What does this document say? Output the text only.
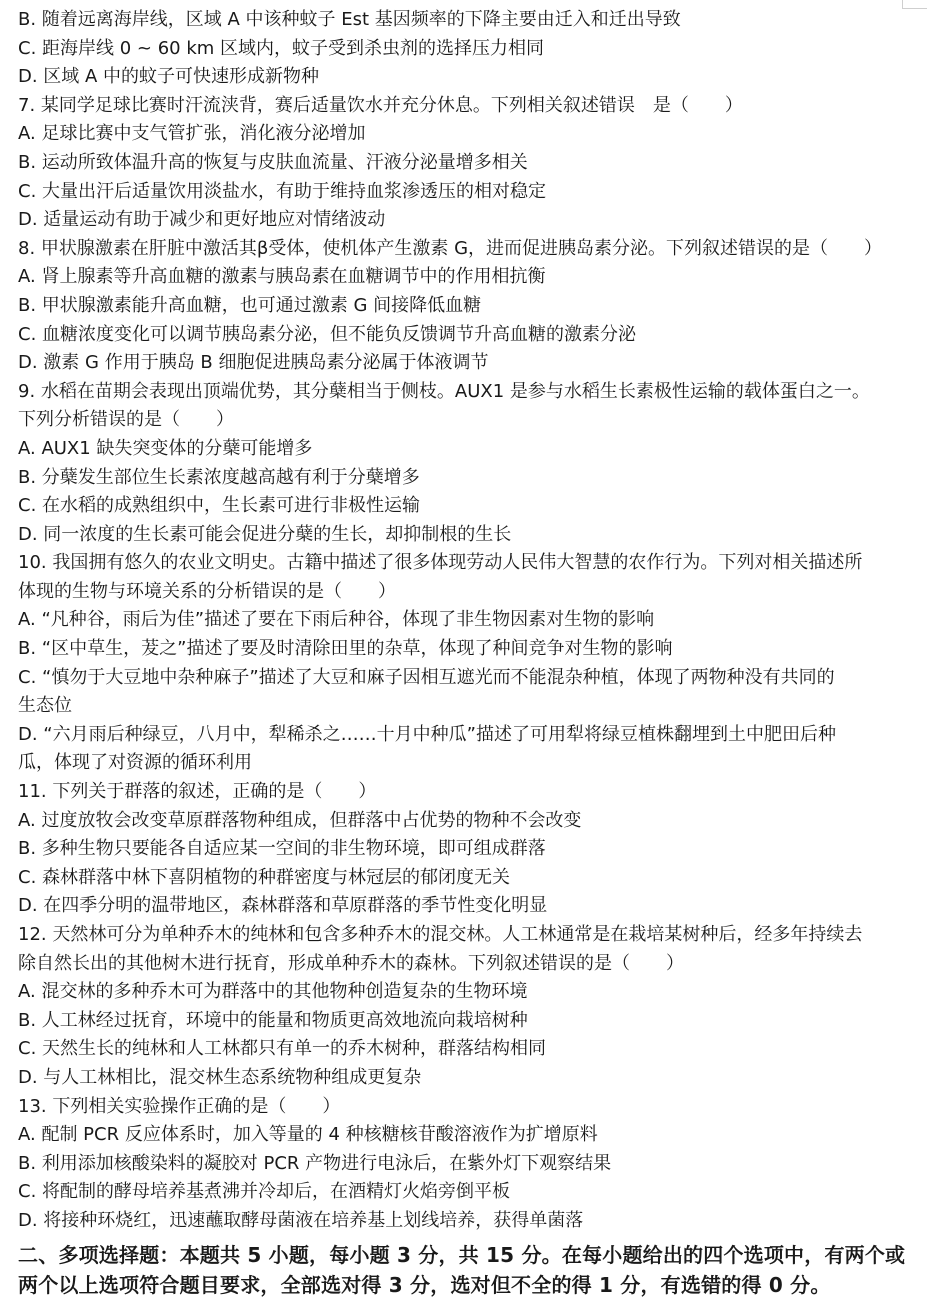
B. 随着远离海岸线，区域 A 中该种蚊子 Est 基因频率的下降主要由迁入和迁出导致
C. 距海岸线 0 ~ 60 km 区域内，蚊子受到杀虫剂的选择压力相同
D. 区域 A 中的蚊子可快速形成新物种
7. 某同学足球比赛时汗流浃背，赛后适量饮水并充分休息。下列相关叙述错误　是（　　）
A. 足球比赛中支气管扩张，消化液分泌增加
B. 运动所致体温升高的恢复与皮肤血流量、汗液分泌量增多相关
C. 大量出汗后适量饮用淡盐水，有助于维持血浆渗透压的相对稳定
D. 适量运动有助于减少和更好地应对情绪波动
8. 甲状腺激素在肝脏中激活其β受体，使机体产生激素 G，进而促进胰岛素分泌。下列叙述错误的是（　　）
A. 肾上腺素等升高血糖的激素与胰岛素在血糖调节中的作用相抗衡
B. 甲状腺激素能升高血糖，也可通过激素 G 间接降低血糖
C. 血糖浓度变化可以调节胰岛素分泌，但不能负反馈调节升高血糖的激素分泌
D. 激素 G 作用于胰岛 B 细胞促进胰岛素分泌属于体液调节
9. 水稻在苗期会表现出顶端优势，其分蘖相当于侧枝。AUX1 是参与水稻生长素极性运输的载体蛋白之一。
下列分析错误的是（　　）
A. AUX1 缺失突变体的分蘖可能增多
B. 分蘖发生部位生长素浓度越高越有利于分蘖增多
C. 在水稻的成熟组织中，生长素可进行非极性运输
D. 同一浓度的生长素可能会促进分蘖的生长，却抑制根的生长
10. 我国拥有悠久的农业文明史。古籍中描述了很多体现劳动人民伟大智慧的农作行为。下列对相关描述所
体现的生物与环境关系的分析错误的是（　　）
A. “凡种谷，雨后为佳”描述了要在下雨后种谷，体现了非生物因素对生物的影响
B. “区中草生，茇之”描述了要及时清除田里的杂草，体现了种间竞争对生物的影响
C. “慎勿于大豆地中杂种麻子”描述了大豆和麻子因相互遮光而不能混杂种植，体现了两物种没有共同的
生态位
D. “六月雨后种绿豆，八月中，犁稀杀之……十月中种瓜”描述了可用犁将绿豆植株翻埋到土中肥田后种
瓜，体现了对资源的循环利用
11. 下列关于群落的叙述，正确的是（　　）
A. 过度放牧会改变草原群落物种组成，但群落中占优势的物种不会改变
B. 多种生物只要能各自适应某一空间的非生物环境，即可组成群落
C. 森林群落中林下喜阴植物的种群密度与林冠层的郁闭度无关
D. 在四季分明的温带地区，森林群落和草原群落的季节性变化明显
12. 天然林可分为单种乔木的纯林和包含多种乔木的混交林。人工林通常是在栽培某树种后，经多年持续去
除自然长出的其他树木进行抚育，形成单种乔木的森林。下列叙述错误的是（　　）
A. 混交林的多种乔木可为群落中的其他物种创造复杂的生物环境
B. 人工林经过抚育，环境中的能量和物质更高效地流向栽培树种
C. 天然生长的纯林和人工林都只有单一的乔木树种，群落结构相同
D. 与人工林相比，混交林生态系统物种组成更复杂
13. 下列相关实验操作正确的是（　　）
A. 配制 PCR 反应体系时，加入等量的 4 种核糖核苷酸溶液作为扩增原料
B. 利用添加核酸染料的凝胶对 PCR 产物进行电泳后，在紫外灯下观察结果
C. 将配制的酵母培养基煮沸并冷却后，在酒精灯火焰旁倒平板
D. 将接种环烧红，迅速蘸取酵母菌液在培养基上划线培养，获得单菌落
二、多项选择题：本题共 5 小题，每小题 3 分，共 15 分。在每小题给出的四个选项中，有两个或两个以上选项符合题目要求，全部选对得 3 分，选对但不全的得 1 分，有选错的得 0 分。
